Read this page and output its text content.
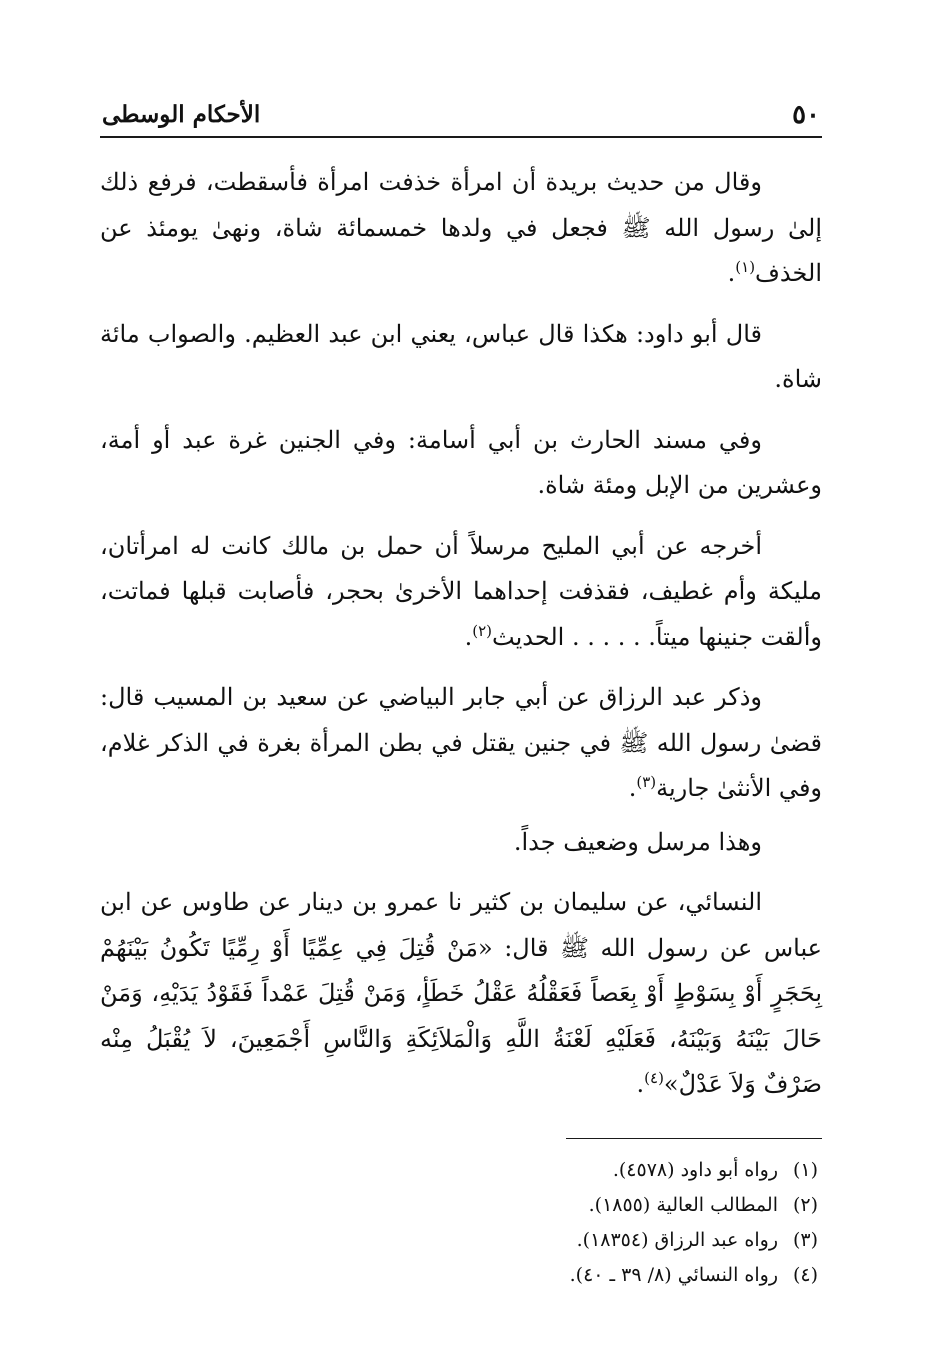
٥٠
الأحكام الوسطى

وقال من حديث بريدة أن امرأة خذفت امرأة فأسقطت، فرفع ذلك إلىٰ رسول الله ﷺ فجعل في ولدها خمسمائة شاة، ونهىٰ يومئذ عن الخذف$^{(١)}$.

قال أبو داود: هكذا قال عباس، يعني ابن عبد العظيم. والصواب مائة شاة.

وفي مسند الحارث بن أبي أسامة: وفي الجنين غرة عبد أو أمة، وعشرين من الإبل ومئة شاة.

أخرجه عن أبي المليح مرسلاً أن حمل بن مالك كانت له امرأتان، مليكة وأم غطيف، فقذفت إحداهما الأخرىٰ بحجر، فأصابت قبلها فماتت، وألقت جنينها ميتاً. . . . . . الحديث$^{(٢)}$.

وذكر عبد الرزاق عن أبي جابر البياضي عن سعيد بن المسيب قال: قضىٰ رسول الله ﷺ في جنين يقتل في بطن المرأة بغرة في الذكر غلام، وفي الأنثىٰ جارية$^{(٣)}$.

وهذا مرسل وضعيف جداً.

النسائي، عن سليمان بن كثير نا عمرو بن دينار عن طاوس عن ابن عباس عن رسول الله ﷺ قال: «مَنْ قُتِلَ فِي عِمِّيًا أَوْ رِمِّيًا تَكُونُ بَيْنَهُمْ بِحَجَرٍ أَوْ بِسَوْطٍ أَوْ بِعَصاً فَعَقْلُهُ عَقْلُ خَطَأٍ، وَمَنْ قُتِلَ عَمْداً فَقَوْدُ يَدَيْهِ، وَمَنْ حَالَ بَيْنَهُ وَبَيْنَهُ، فَعَلَيْهِ لَعْنَةُ اللَّهِ وَالْمَلاَئِكَةِ وَالنَّاسِ أَجْمَعِينَ، لاَ يُقْبَلُ مِنْه صَرْفٌ وَلاَ عَدْلٌ»$^{(٤)}$.

(١)رواه أبو داود (٤٥٧٨).
(٢)المطالب العالية (١٨٥٥).
(٣)رواه عبد الرزاق (١٨٣٥٤).
(٤)رواه النسائي (٨/ ٣٩ ـ ٤٠).
